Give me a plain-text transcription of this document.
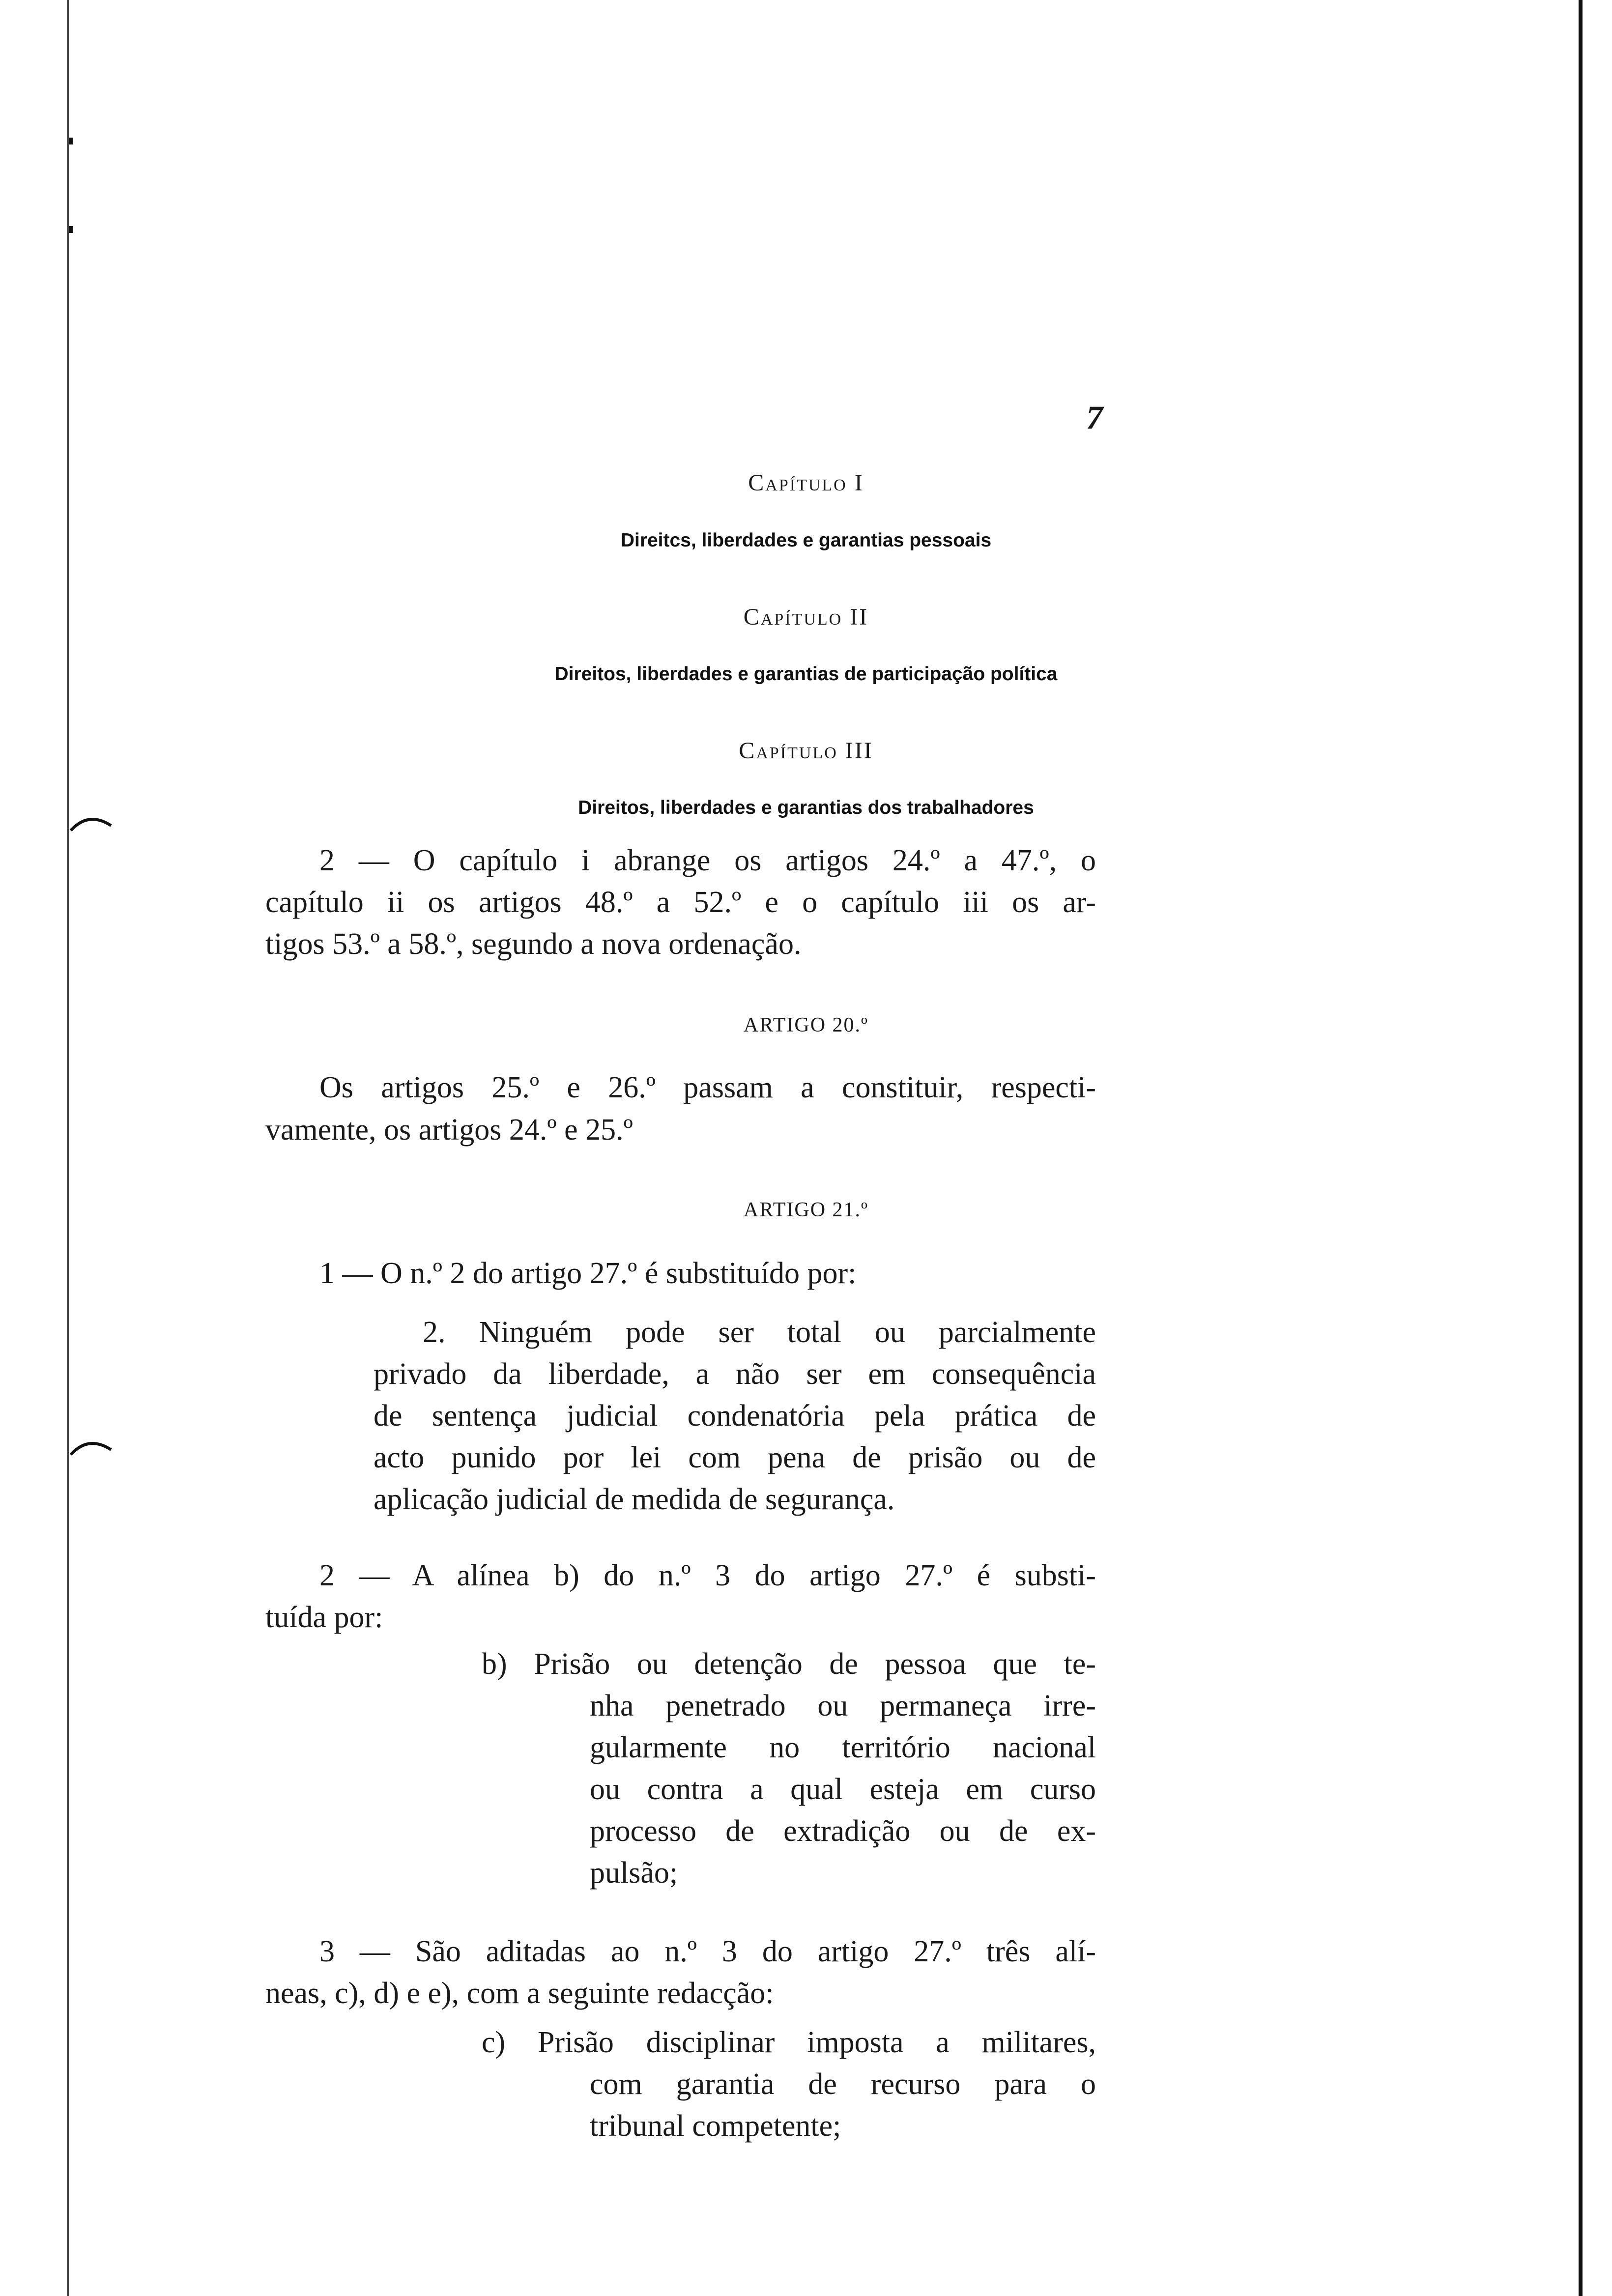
7
Capítulo I
Direitcs, liberdades e garantias pessoais
Capítulo II
Direitos, liberdades e garantias de participação política
Capítulo III
Direitos, liberdades e garantias dos trabalhadores
2 — O capítulo i abrange os artigos 24.º a 47.º, o
capítulo ii os artigos 48.º a 52.º e o capítulo iii os ar-
tigos 53.º a 58.º, segundo a nova ordenação.
ARTIGO 20.º
Os artigos 25.º e 26.º passam a constituir, respecti-
vamente, os artigos 24.º e 25.º
ARTIGO 21.º
1 — O n.º 2 do artigo 27.º é substituído por:
2. Ninguém pode ser total ou parcialmente
privado da liberdade, a não ser em consequência
de sentença judicial condenatória pela prática de
acto punido por lei com pena de prisão ou de
aplicação judicial de medida de segurança.
2 — A alínea b) do n.º 3 do artigo 27.º é substi-
tuída por:
b) Prisão ou detenção de pessoa que te-
nha penetrado ou permaneça irre-
gularmente no território nacional
ou contra a qual esteja em curso
processo de extradição ou de ex-
pulsão;
3 — São aditadas ao n.º 3 do artigo 27.º três alí-
neas, c), d) e e), com a seguinte redacção:
c) Prisão disciplinar imposta a militares,
com garantia de recurso para o
tribunal competente;
